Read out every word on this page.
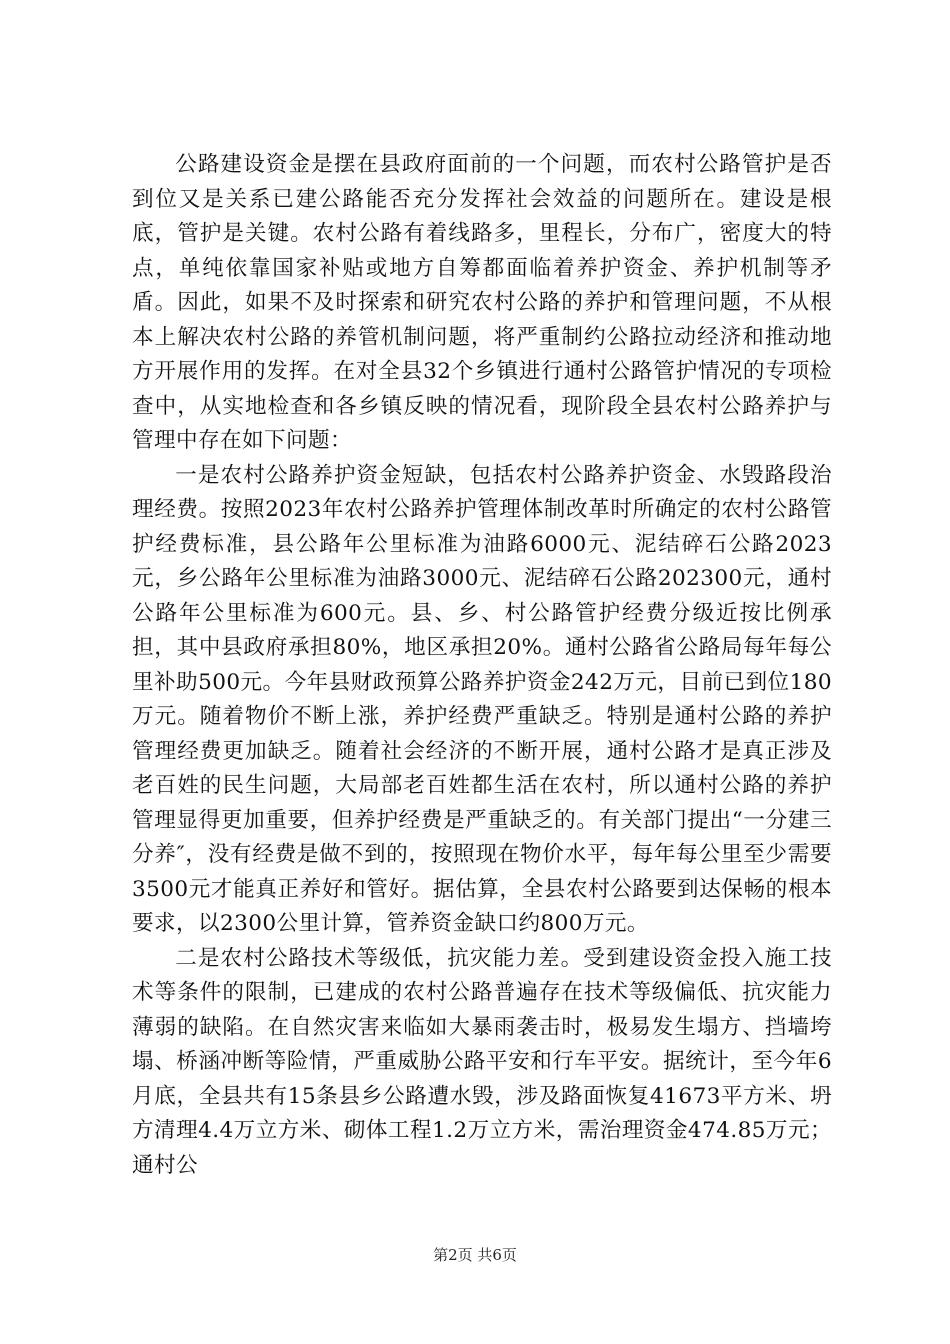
公路建设资金是摆在县政府面前的一个问题，而农村公路管护是否到位又是关系已建公路能否充分发挥社会效益的问题所在。建设是根底，管护是关键。农村公路有着线路多，里程长，分布广，密度大的特点，单纯依靠国家补贴或地方自筹都面临着养护资金、养护机制等矛盾。因此，如果不及时探索和研究农村公路的养护和管理问题，不从根本上解决农村公路的养管机制问题，将严重制约公路拉动经济和推动地方开展作用的发挥。在对全县32个乡镇进行通村公路管护情况的专项检查中，从实地检查和各乡镇反映的情况看，现阶段全县农村公路养护与管理中存在如下问题：

一是农村公路养护资金短缺，包括农村公路养护资金、水毁路段治理经费。按照2023年农村公路养护管理体制改革时所确定的农村公路管护经费标准，县公路年公里标准为油路6000元、泥结碎石公路2023元，乡公路年公里标准为油路3000元、泥结碎石公路202300元，通村公路年公里标准为600元。县、乡、村公路管护经费分级近按比例承担，其中县政府承担80%，地区承担20%。通村公路省公路局每年每公里补助500元。今年县财政预算公路养护资金242万元，目前已到位180万元。随着物价不断上涨，养护经费严重缺乏。特别是通村公路的养护管理经费更加缺乏。随着社会经济的不断开展，通村公路才是真正涉及老百姓的民生问题，大局部老百姓都生活在农村，所以通村公路的养护管理显得更加重要，但养护经费是严重缺乏的。有关部门提出“一分建三分养″，没有经费是做不到的，按照现在物价水平，每年每公里至少需要3500元才能真正养好和管好。据估算，全县农村公路要到达保畅的根本要求，以2300公里计算，管养资金缺口约800万元。

二是农村公路技术等级低，抗灾能力差。受到建设资金投入施工技术等条件的限制，已建成的农村公路普遍存在技术等级偏低、抗灾能力薄弱的缺陷。在自然灾害来临如大暴雨袭击时，极易发生塌方、挡墙垮塌、桥涵冲断等险情，严重威胁公路平安和行车平安。据统计，至今年6月底，全县共有15条县乡公路遭水毁，涉及路面恢复41673平方米、坍方清理4.4万立方米、砌体工程1.2万立方米，需治理资金474.85万元；通村公

第2页 共6页
